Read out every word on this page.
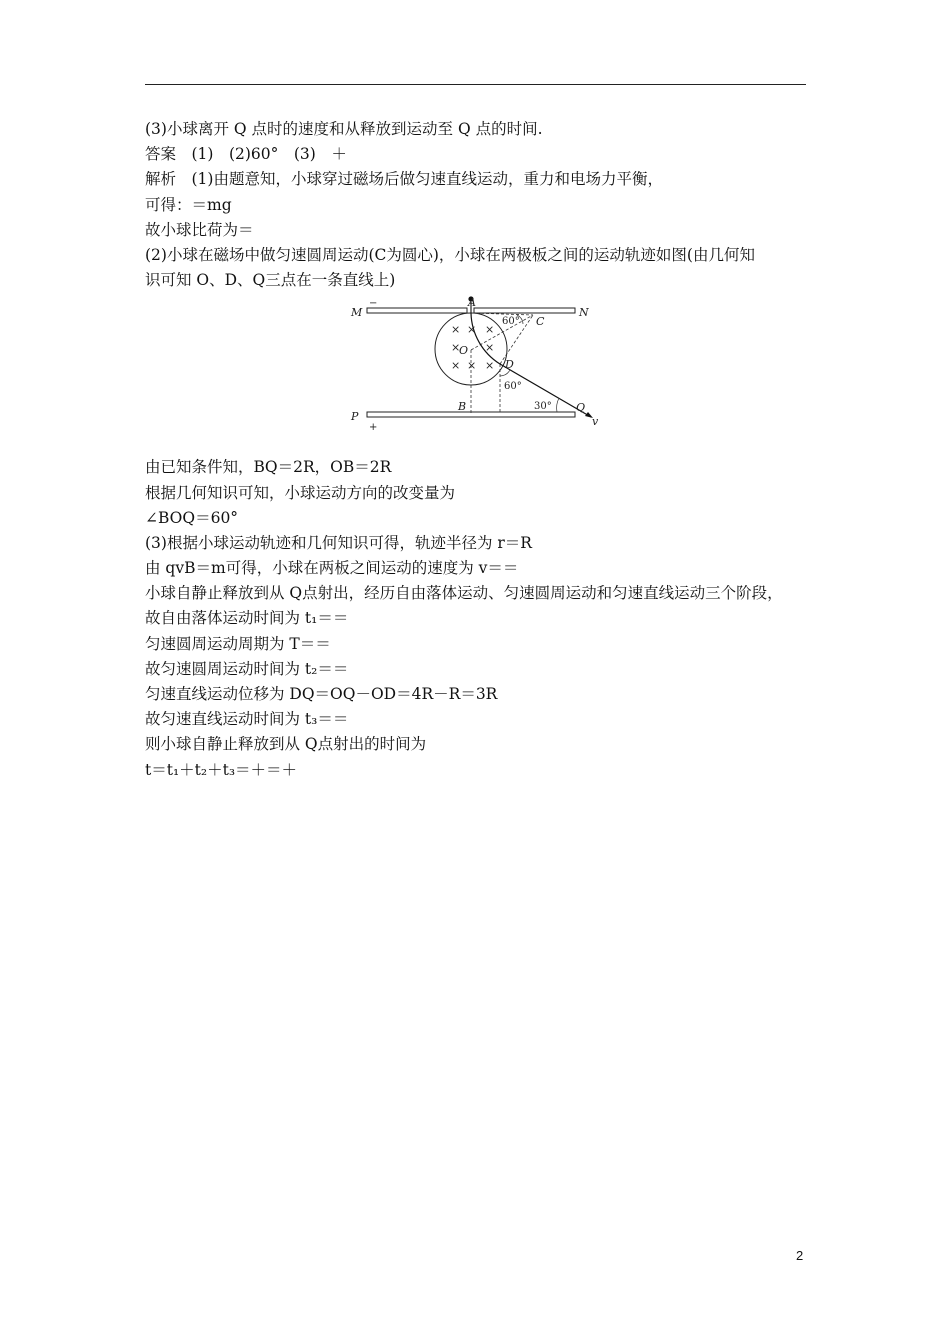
(3)小球离开 Q 点时的速度和从释放到运动至 Q 点的时间.
答案　(1)　(2)60°　(3)　＋
解析　(1)由题意知，小球穿过磁场后做匀速直线运动，重力和电场力平衡，
可得：＝mg
故小球比荷为＝
(2)小球在磁场中做匀速圆周运动(C为圆心)，小球在两极板之间的运动轨迹如图(由几何知
识可知 O、D、Q三点在一条直线上)
× × ×
× ×
× × ×
M
−
N
P
+
A
O
C
D
B	Q
v
60°
60°
30°
由已知条件知，BQ＝2R，OB＝2R
根据几何知识可知，小球运动方向的改变量为
∠BOQ＝60°
(3)根据小球运动轨迹和几何知识可得，轨迹半径为 r＝R
由 qvB＝m可得，小球在两板之间运动的速度为 v＝＝
小球自静止释放到从 Q点射出，经历自由落体运动、匀速圆周运动和匀速直线运动三个阶段，
故自由落体运动时间为 t₁＝＝
匀速圆周运动周期为 T＝＝
故匀速圆周运动时间为 t₂＝＝
匀速直线运动位移为 DQ＝OQ－OD＝4R－R＝3R
故匀速直线运动时间为 t₃＝＝
则小球自静止释放到从 Q点射出的时间为
t＝t₁＋t₂＋t₃＝＋＝＋
2
